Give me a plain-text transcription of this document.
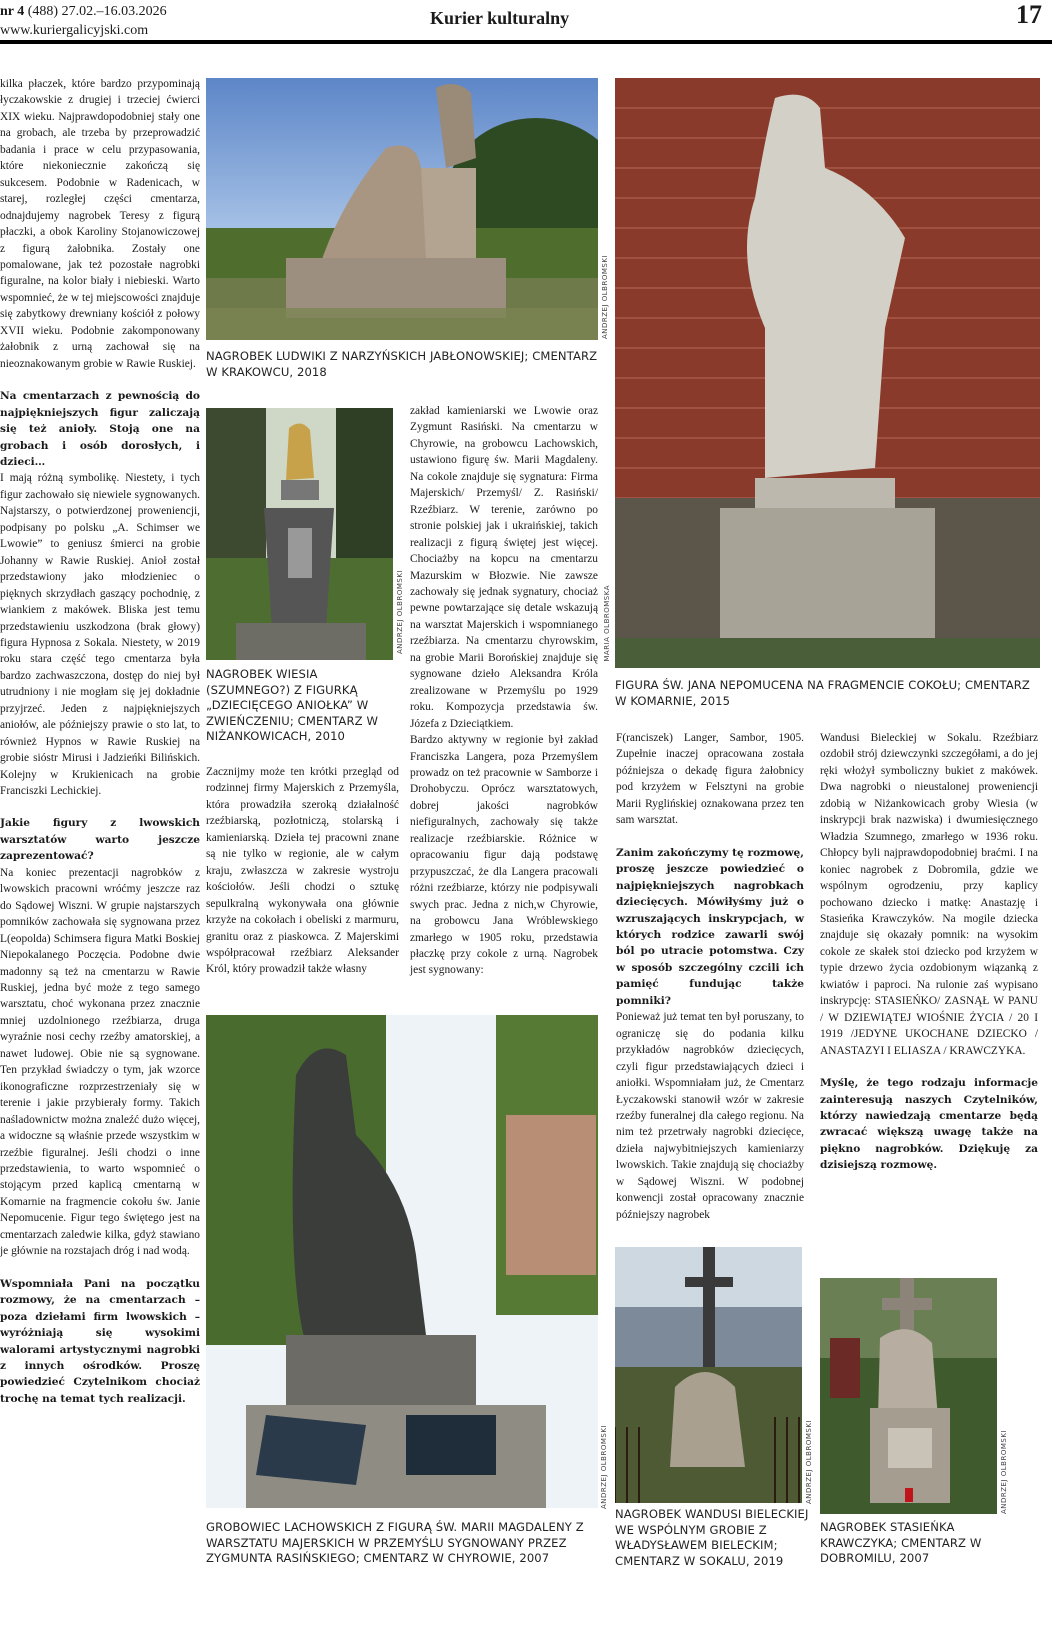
nr 4 (488) 27.02.–16.03.2026
www.kuriergalicyjski.com
Kurier kulturalny	17

kilka płaczek, które bardzo przypominają łyczakowskie z drugiej i trzeciej ćwierci XIX wieku. Najprawdopodobniej stały one na grobach, ale trzeba by przeprowadzić badania i prace w celu przypasowania, które niekoniecznie zakończą się sukcesem. Podobnie w Radenicach, w starej, rozległej części cmentarza, odnajdujemy nagrobek Teresy z figurą płaczki, a obok Karoliny Stojanowiczowej z figurą żałobnika. Zostały one pomalowane, jak też pozostałe nagrobki figuralne, na kolor biały i niebieski. Warto wspomnieć, że w tej miejscowości znajduje się zabytkowy drewniany kościół z połowy XVII wieku. Podobnie zakomponowany żałobnik z urną zachował się na nieoznakowanym grobie w Rawie Ruskiej.

Na cmentarzach z pewnością do najpiękniejszych figur zaliczają się też anioły. Stoją one na grobach i osób dorosłych, i dzieci…

I mają różną symbolikę. Niestety, i tych figur zachowało się niewiele sygnowanych. Najstarszy, o potwierdzonej proweniencji, podpisany po polsku „A. Schimser we Lwowie” to geniusz śmierci na grobie Johanny w Rawie Ruskiej. Anioł został przedstawiony jako młodzieniec o pięknych skrzydłach gaszący pochodnię, z wiankiem z makówek. Bliska jest temu przedstawieniu uszkodzona (brak głowy) figura Hypnosa z Sokala. Niestety, w 2019 roku stara część tego cmentarza była bardzo zachwaszczona, dostęp do niej był utrudniony i nie mogłam się jej dokładnie przyjrzeć. Jeden z najpiękniejszych aniołów, ale późniejszy prawie o sto lat, to również Hypnos w Rawie Ruskiej na grobie sióstr Mirusi i Jadzieńki Bilińskich. Kolejny w Krukienicach na grobie Franciszki Lechickiej.

Jakie figury z lwowskich warsztatów warto jeszcze zaprezentować?

Na koniec prezentacji nagrobków z lwowskich pracowni wróćmy jeszcze raz do Sądowej Wiszni. W grupie najstarszych pomników zachowała się sygnowana przez L(eopolda) Schimsera figura Matki Boskiej Niepokalanego Poczęcia. Podobne dwie madonny są też na cmentarzu w Rawie Ruskiej, jedna być może z tego samego warsztatu, choć wykonana przez znacznie mniej uzdolnionego rzeźbiarza, druga wyraźnie nosi cechy rzeźby amatorskiej, a nawet ludowej. Obie nie są sygnowane. Ten przykład świadczy o tym, jak wzorce ikonograficzne rozprzestrzeniały się w terenie i jakie przybierały formy. Takich naśladownictw można znaleźć dużo więcej, a widoczne są właśnie przede wszystkim w rzeźbie figuralnej. Jeśli chodzi o inne przedstawienia, to warto wspomnieć o stojącym przed kaplicą cmentarną w Komarnie na fragmencie cokołu św. Janie Nepomucenie. Figur tego świętego jest na cmentarzach zaledwie kilka, gdyż stawiano je głównie na rozstajach dróg i nad wodą.

Wspomniała Pani na początku rozmowy, że na cmentarzach – poza dziełami firm lwowskich – wyróżniają się wysokimi walorami artystycznymi nagrobki z innych ośrodków. Proszę powiedzieć Czytelnikom chociaż trochę na temat tych realizacji.

ANDRZEJ OLBROMSKI
NAGROBEK LUDWIKI Z NARZYŃSKICH JABŁONOWSKIEJ; CMENTARZ W KRAKOWCU, 2018
MARIA OLBROMSKA
FIGURA ŚW. JANA NEPOMUCENA NA FRAGMENCIE COKOŁU; CMENTARZ W KOMARNIE, 2015
ANDRZEJ OLBROMSKI
NAGROBEK WIESIA (SZUMNEGO?) Z FIGURKĄ „DZIECIĘCEGO ANIOŁKA” W ZWIEŃCZENIU; CMENTARZ W NIŻANKOWICACH, 2010

Zacznijmy może ten krótki przegląd od rodzinnej firmy Majerskich z Przemyśla, która prowadziła szeroką działalność rzeźbiarską, pozłotniczą, stolarską i kamieniarską. Dzieła tej pracowni znane są nie tylko w regionie, ale w całym kraju, zwłaszcza w zakresie wystroju kościołów. Jeśli chodzi o sztukę sepulkralną wykonywała ona głównie krzyże na cokołach i obeliski z marmuru, granitu oraz z piaskowca. Z Majerskimi współpracował rzeźbiarz Aleksander Król, który prowadził także własny

zakład kamieniarski we Lwowie oraz Zygmunt Rasiński. Na cmentarzu w Chyrowie, na grobowcu Lachowskich, ustawiono figurę św. Marii Magdaleny. Na cokole znajduje się sygnatura: Firma Majerskich/ Przemyśl/ Z. Rasiński/ Rzeźbiarz. W terenie, zarówno po stronie polskiej jak i ukraińskiej, takich realizacji z figurą świętej jest więcej. Chociażby na kopcu na cmentarzu Mazurskim w Błozwie. Nie zawsze zachowały się jednak sygnatury, chociaż pewne powtarzające się detale wskazują na warsztat Majerskich i wspomnianego rzeźbiarza. Na cmentarzu chyrowskim, na grobie Marii Borońskiej znajduje się sygnowane dzieło Aleksandra Króla zrealizowane w Przemyślu po 1929 roku. Kompozycja przedstawia św. Józefa z Dzieciątkiem.

Bardzo aktywny w regionie był zakład Franciszka Langera, poza Przemyślem prowadz on też pracownie w Samborze i Drohobyczu. Oprócz warsztatowych, dobrej jakości nagrobków niefiguralnych, zachowały się także realizacje rzeźbiarskie. Różnice w opracowaniu figur dają podstawę przypuszczać, że dla Langera pracowali różni rzeźbiarze, którzy nie podpisywali swych prac. Jedna z nich,w Chyrowie, na grobowcu Jana Wróblewskiego zmarłego w 1905 roku, przedstawia płaczkę przy cokole z urną. Nagrobek jest sygnowany:

ANDRZEJ OLBROMSKI
GROBOWIEC LACHOWSKICH Z FIGURĄ ŚW. MARII MAGDALENY Z WARSZTATU MAJERSKICH W PRZEMYŚLU SYGNOWANY PRZEZ ZYGMUNTA RASIŃSKIEGO; CMENTARZ W CHYROWIE, 2007

F(ranciszek) Langer, Sambor, 1905. Zupełnie inaczej opracowana została późniejsza o dekadę figura żałobnicy pod krzyżem w Felsztyni na grobie Marii Ryglińskiej oznakowana przez ten sam warsztat.

Zanim zakończymy tę rozmowę, proszę jeszcze powiedzieć o najpiękniejszych nagrobkach dziecięcych. Mówiłyśmy już o wzruszających inskrypcjach, w których rodzice zawarli swój ból po utracie potomstwa. Czy w sposób szczególny czcili ich pamięć fundując także pomniki?

Ponieważ już temat ten był poruszany, to ograniczę się do podania kilku przykładów nagrobków dziecięcych, czyli figur przedstawiających dzieci i aniołki. Wspomniałam już, że Cmentarz Łyczakowski stanowił wzór w zakresie rzeźby funeralnej dla całego regionu. Na nim też przetrwały nagrobki dziecięce, dzieła najwybitniejszych kamieniarzy lwowskich. Takie znajdują się chociażby w Sądowej Wiszni. W podobnej konwencji został opracowany znacznie późniejszy nagrobek

Wandusi Bieleckiej w Sokalu. Rzeźbiarz ozdobił strój dziewczynki szczegółami, a do jej ręki włożył symboliczny bukiet z makówek. Dwa nagrobki o nieustalonej proweniencji zdobią w Niżankowicach groby Wiesia (w inskrypcji brak nazwiska) i dwumiesięcznego Władzia Szumnego, zmarłego w 1936 roku. Chłopcy byli najprawdopodobniej braćmi. I na koniec nagrobek z Dobromila, gdzie we wspólnym ogrodzeniu, przy kaplicy pochowano dziecko i matkę: Anastazję i Stasieńka Krawczyków. Na mogile dziecka znajduje się okazały pomnik: na wysokim cokole ze skałek stoi dziecko pod krzyżem w typie drzewo życia ozdobionym wiązanką z kwiatów i paproci. Na rulonie zaś wypisano inskrypcję: STASIEŃKO/ ZASNĄŁ W PANU / W DZIEWIĄTEJ WIOŚNIE ŻYCIA / 20 I 1919 /JEDYNE UKOCHANE DZIECKO / ANASTAZYI I ELIASZA / KRAWCZYKA.

Myślę, że tego rodzaju informacje zainteresują naszych Czytelników, którzy nawiedzają cmentarze będą zwracać większą uwagę także na piękno nagrobków. Dziękuję za dzisiejszą rozmowę.

ANDRZEJ OLBROMSKI
NAGROBEK WANDUSI BIELECKIEJ WE WSPÓLNYM GROBIE Z WŁADYSŁAWEM BIELECKIM; CMENTARZ W SOKALU, 2019
ANDRZEJ OLBROMSKI
NAGROBEK STASIEŃKA KRAWCZYKA; CMENTARZ W DOBROMILU, 2007
